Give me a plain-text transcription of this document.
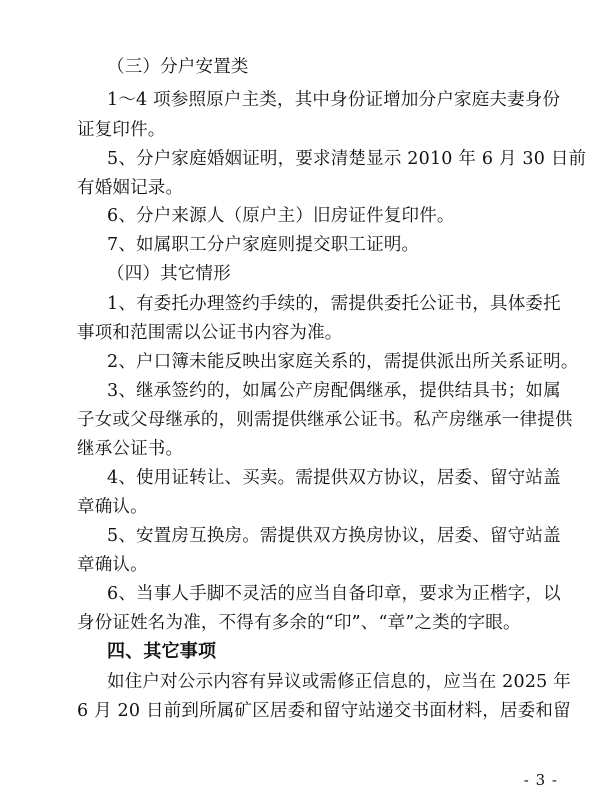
（三）分户安置类
1～4 项参照原户主类，其中身份证增加分户家庭夫妻身份
证复印件。
5、分户家庭婚姻证明，要求清楚显示 2010 年 6 月 30 日前
有婚姻记录。
6、分户来源人（原户主）旧房证件复印件。
7、如属职工分户家庭则提交职工证明。
（四）其它情形
1、有委托办理签约手续的，需提供委托公证书，具体委托
事项和范围需以公证书内容为准。
2、户口簿未能反映出家庭关系的，需提供派出所关系证明。
3、继承签约的，如属公产房配偶继承，提供结具书；如属
子女或父母继承的，则需提供继承公证书。私产房继承一律提供
继承公证书。
4、使用证转让、买卖。需提供双方协议，居委、留守站盖
章确认。
5、安置房互换房。需提供双方换房协议，居委、留守站盖
章确认。
6、当事人手脚不灵活的应当自备印章，要求为正楷字，以
身份证姓名为准，不得有多余的“印”、“章”之类的字眼。
四、其它事项
如住户对公示内容有异议或需修正信息的，应当在 2025 年
6 月 20 日前到所属矿区居委和留守站递交书面材料，居委和留
- 3 -
